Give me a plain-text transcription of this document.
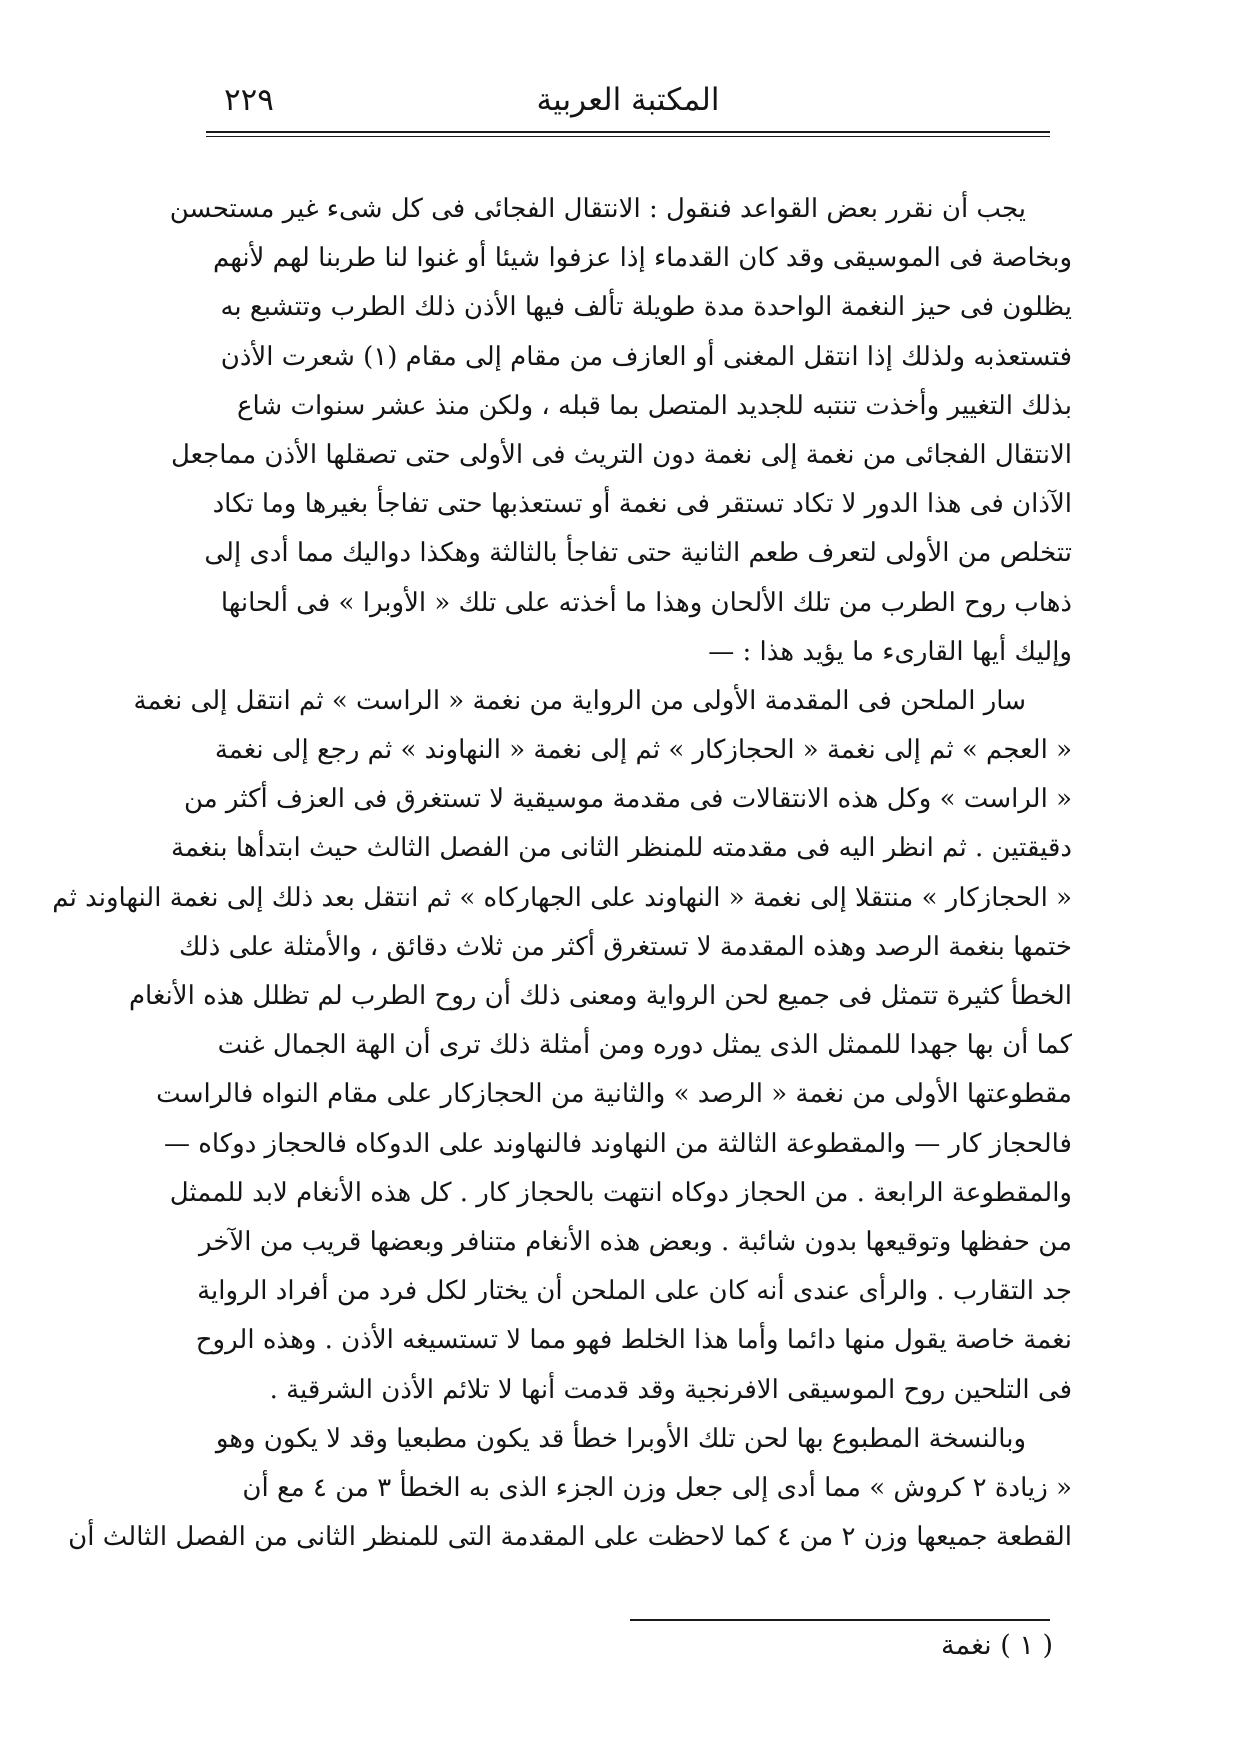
المكتبة العربية
٢٢٩
يجب أن نقرر بعض القواعد فنقول : الانتقال الفجائى فى كل شىء غير مستحسن
وبخاصة فى الموسيقى وقد كان القدماء إذا عزفوا شيئا أو غنوا لنا طربنا لهم لأنهم
يظلون فى حيز النغمة الواحدة مدة طويلة تألف فيها الأذن ذلك الطرب وتتشبع به
فتستعذبه ولذلك إذا انتقل المغنى أو العازف من مقام إلى مقام (١) شعرت الأذن
بذلك التغيير وأخذت تنتبه للجديد المتصل بما قبله ، ولكن منذ عشر سنوات شاع
الانتقال الفجائى من نغمة إلى نغمة دون التريث فى الأولى حتى تصقلها الأذن مماجعل
الآذان فى هذا الدور لا تكاد تستقر فى نغمة أو تستعذبها حتى تفاجأ بغيرها وما تكاد
تتخلص من الأولى لتعرف طعم الثانية حتى تفاجأ بالثالثة وهكذا دواليك مما أدى إلى
ذهاب روح الطرب من تلك الألحان وهذا ما أخذته على تلك « الأوبرا » فى ألحانها
وإليك أيها القارىء ما يؤيد هذا : —
سار الملحن فى المقدمة الأولى من الرواية من نغمة « الراست » ثم انتقل إلى نغمة
« العجم » ثم إلى نغمة « الحجازكار » ثم إلى نغمة « النهاوند » ثم رجع إلى نغمة
« الراست » وكل هذه الانتقالات فى مقدمة موسيقية لا تستغرق فى العزف أكثر من
دقيقتين . ثم انظر اليه فى مقدمته للمنظر الثانى من الفصل الثالث حيث ابتدأها بنغمة
« الحجازكار » منتقلا إلى نغمة « النهاوند على الجهاركاه » ثم انتقل بعد ذلك إلى نغمة النهاوند ثم
ختمها بنغمة الرصد وهذه المقدمة لا تستغرق أكثر من ثلاث دقائق ، والأمثلة على ذلك
الخطأ كثيرة تتمثل فى جميع لحن الرواية ومعنى ذلك أن روح الطرب لم تظلل هذه الأنغام
كما أن بها جهدا للممثل الذى يمثل دوره ومن أمثلة ذلك ترى أن الهة الجمال غنت
مقطوعتها الأولى من نغمة « الرصد » والثانية من الحجازكار على مقام النواه فالراست
فالحجاز كار — والمقطوعة الثالثة من النهاوند فالنهاوند على الدوكاه فالحجاز دوكاه —
والمقطوعة الرابعة . من الحجاز دوكاه انتهت بالحجاز كار . كل هذه الأنغام لابد للممثل
من حفظها وتوقيعها بدون شائبة . وبعض هذه الأنغام متنافر وبعضها قريب من الآخر
جد التقارب . والرأى عندى أنه كان على الملحن أن يختار لكل فرد من أفراد الرواية
نغمة خاصة يقول منها دائما وأما هذا الخلط فهو مما لا تستسيغه الأذن . وهذه الروح
فى التلحين روح الموسيقى الافرنجية وقد قدمت أنها لا تلائم الأذن الشرقية .
وبالنسخة المطبوع بها لحن تلك الأوبرا خطأ قد يكون مطبعيا وقد لا يكون وهو
« زيادة ٢ كروش » مما أدى إلى جعل وزن الجزء الذى به الخطأ ٣ من ٤ مع أن
القطعة جميعها وزن ٢ من ٤ كما لاحظت على المقدمة التى للمنظر الثانى من الفصل الثالث أن
( ١ ) نغمة
